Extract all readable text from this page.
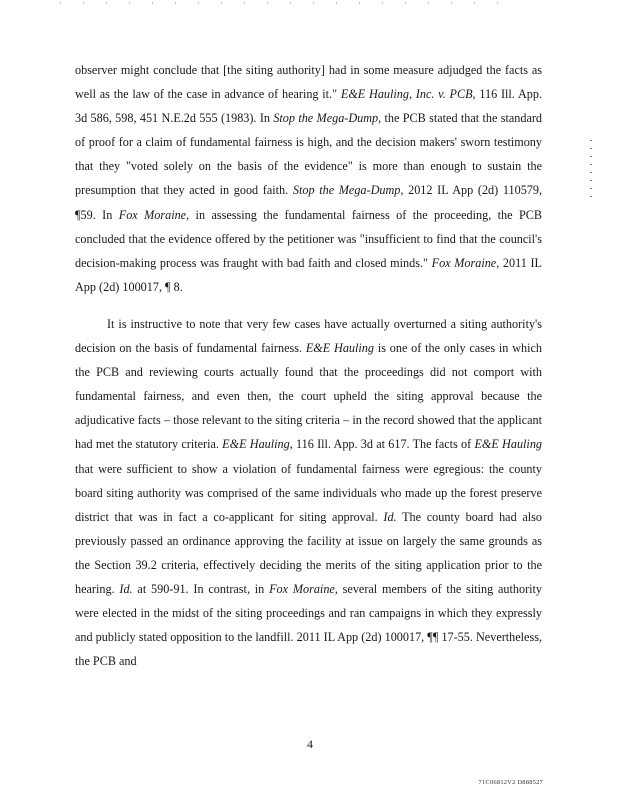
observer might conclude that [the siting authority] had in some measure adjudged the facts as well as the law of the case in advance of hearing it." E&E Hauling, Inc. v. PCB, 116 Ill. App. 3d 586, 598, 451 N.E.2d 555 (1983). In Stop the Mega-Dump, the PCB stated that the standard of proof for a claim of fundamental fairness is high, and the decision makers' sworn testimony that they "voted solely on the basis of the evidence" is more than enough to sustain the presumption that they acted in good faith. Stop the Mega-Dump, 2012 IL App (2d) 110579, ¶59. In Fox Moraine, in assessing the fundamental fairness of the proceeding, the PCB concluded that the evidence offered by the petitioner was "insufficient to find that the council's decision-making process was fraught with bad faith and closed minds." Fox Moraine, 2011 IL App (2d) 100017, ¶ 8.

It is instructive to note that very few cases have actually overturned a siting authority's decision on the basis of fundamental fairness. E&E Hauling is one of the only cases in which the PCB and reviewing courts actually found that the proceedings did not comport with fundamental fairness, and even then, the court upheld the siting approval because the adjudicative facts – those relevant to the siting criteria – in the record showed that the applicant had met the statutory criteria. E&E Hauling, 116 Ill. App. 3d at 617. The facts of E&E Hauling that were sufficient to show a violation of fundamental fairness were egregious: the county board siting authority was comprised of the same individuals who made up the forest preserve district that was in fact a co-applicant for siting approval. Id. The county board had also previously passed an ordinance approving the facility at issue on largely the same grounds as the Section 39.2 criteria, effectively deciding the merits of the siting application prior to the hearing. Id. at 590-91. In contrast, in Fox Moraine, several members of the siting authority were elected in the midst of the siting proceedings and ran campaigns in which they expressly and publicly stated opposition to the landfill. 2011 IL App (2d) 100017, ¶¶ 17-55. Nevertheless, the PCB and

4
71C06812V2 D888527
